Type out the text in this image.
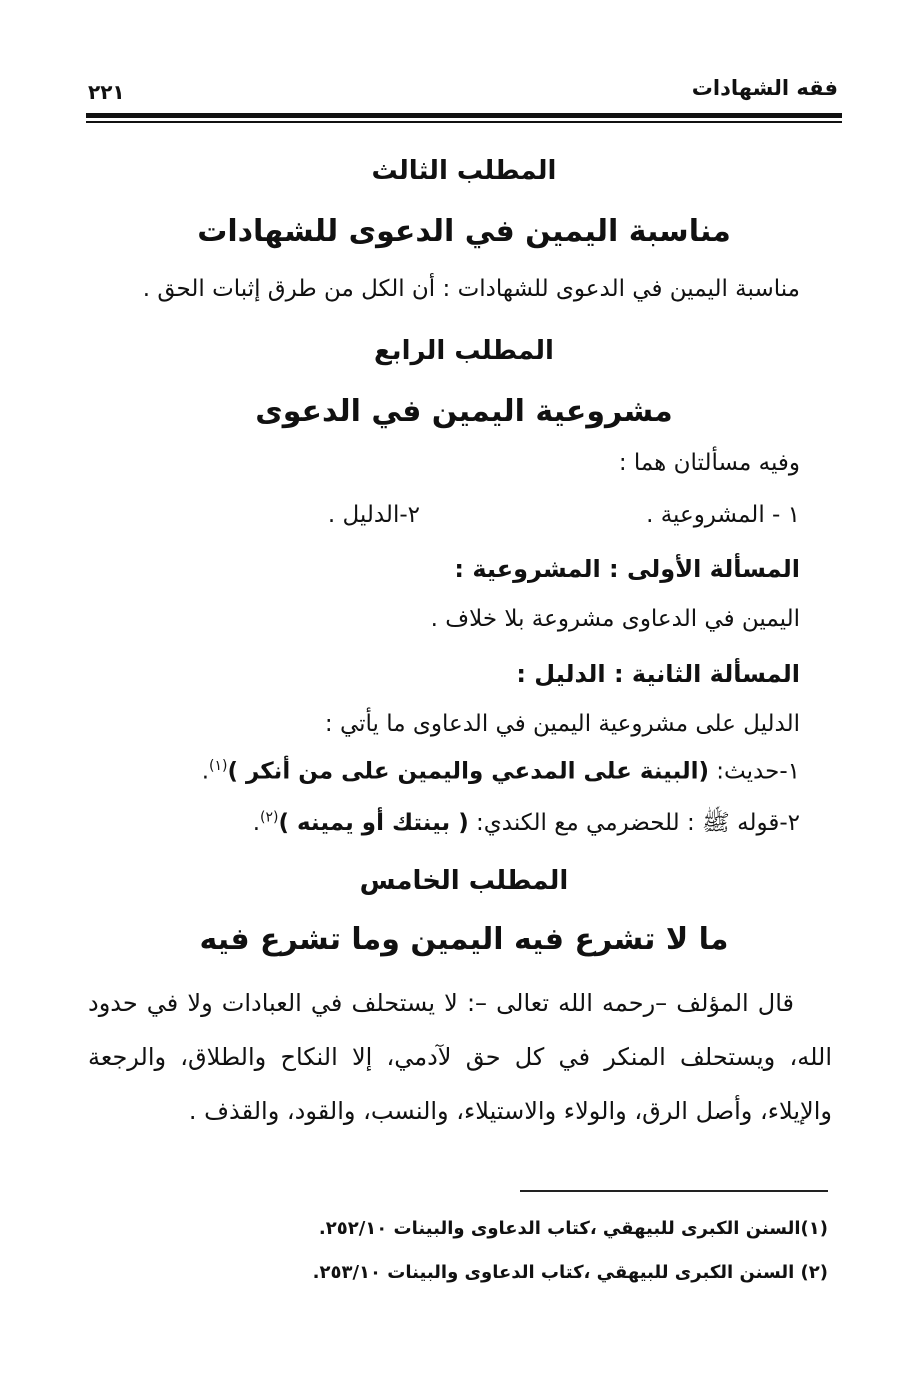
فقه الشهادات
٢٢١
المطلب الثالث
مناسبة اليمين في الدعوى للشهادات
مناسبة اليمين في الدعوى للشهادات : أن الكل من طرق إثبات الحق .
المطلب الرابع
مشروعية اليمين في الدعوى
وفيه مسألتان هما :
١ - المشروعية .
٢-الدليل .
المسألة الأولى : المشروعية :
اليمين في الدعاوى مشروعة بلا خلاف .
المسألة الثانية : الدليل :
الدليل على مشروعية اليمين في الدعاوى ما يأتي :
١-حديث: (البينة على المدعي واليمين على من أنكر )$^{(١)}$.
٢-قوله ﷺ : للحضرمي مع الكندي: ( بينتك أو يمينه )$^{(٢)}$.
المطلب الخامس
ما لا تشرع فيه اليمين وما تشرع فيه
قال المؤلف –رحمه الله تعالى –: لا يستحلف في العبادات ولا في حدود الله، ويستحلف المنكر في كل حق لآدمي، إلا النكاح والطلاق، والرجعة والإيلاء، وأصل الرق، والولاء والاستيلاء، والنسب، والقود، والقذف .
(١)السنن الكبرى للبيهقي ،كتاب الدعاوى والبينات ٢٥٢/١٠.
(٢) السنن الكبرى للبيهقي ،كتاب الدعاوى والبينات ٢٥٣/١٠.
